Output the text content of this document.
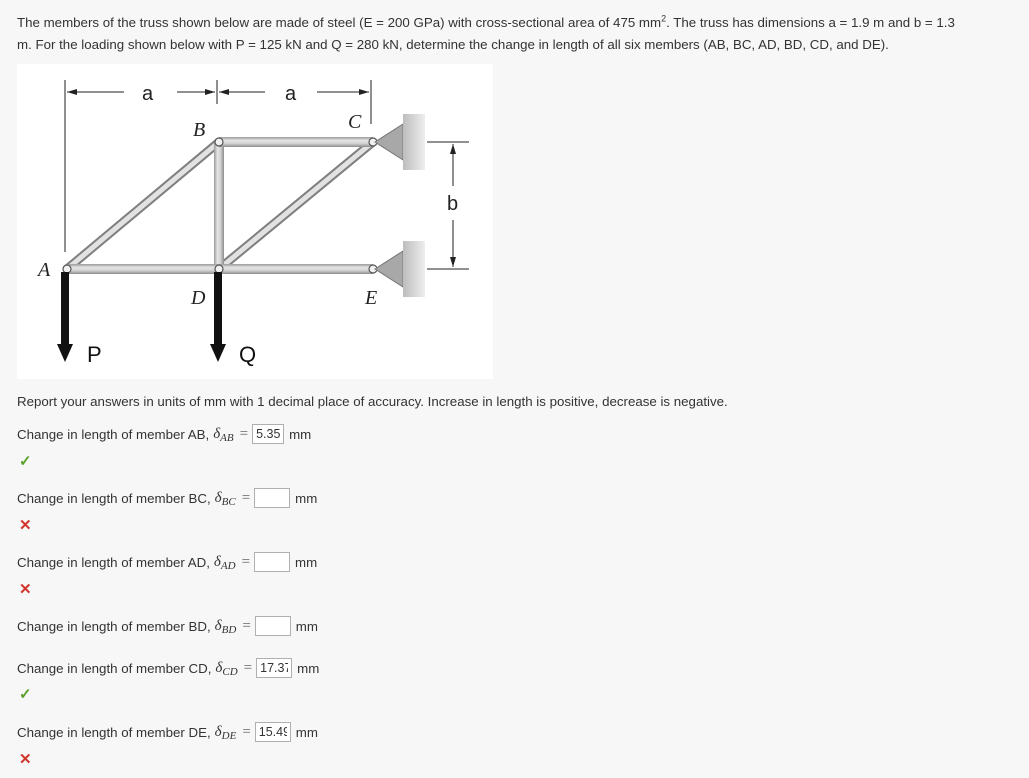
The members of the truss shown below are made of steel (E = 200 GPa) with cross-sectional area of 475 $mm^2$. The truss has dimensions a = 1.9 m and b = 1.3
m. For the loading shown below with P = 125 kN and Q = 280 kN, determine the change in length of all six members (AB, BC, AD, BD, CD, and DE).
a	a
b
A
B	C
D	E
P	Q
Report your answers in units of mm with 1 decimal place of accuracy. Increase in length is positive, decrease is negative.
Change in length of member AB, δ AB =
5.359	mm
✓
Change in length of member BC, δ BC =	mm
✕
Change in length of member AD, δ AD =	mm
✕
Change in length of member BD, δ BD =	mm
Change in length of member CD, δ CD =
17.37	mm
✓
Change in length of member DE, δ DE =
15.49	mm
✕
